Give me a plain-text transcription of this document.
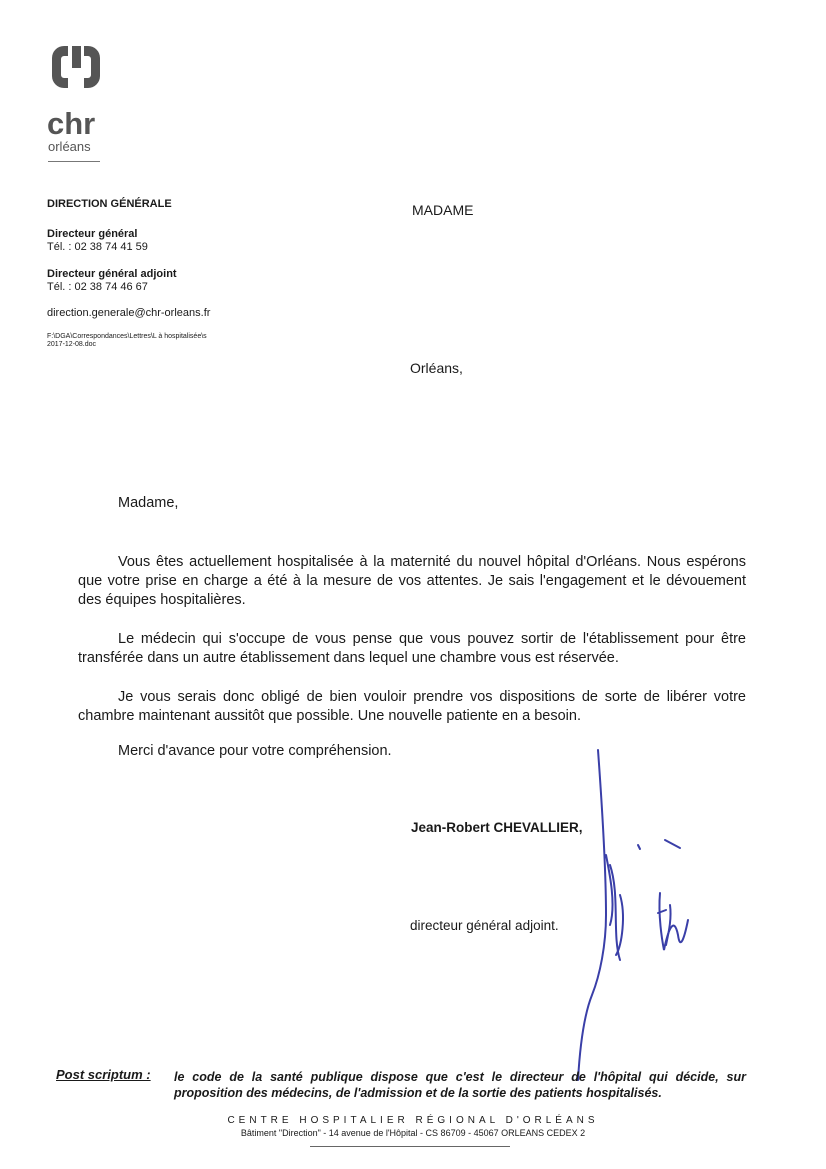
chr
orléans
DIRECTION GÉNÉRALE
Directeur général
Tél. : 02 38 74 41 59
Directeur général adjoint
Tél. : 02 38 74 46 67
direction.generale@chr-orleans.fr
F:\DGA\Correspondances\Lettres\L à hospitalisée\s
2017-12-08.doc
MADAME
Orléans,
Madame,
Vous êtes actuellement hospitalisée à la maternité du nouvel hôpital d'Orléans. Nous espérons que votre prise en charge a été à la mesure de vos attentes. Je sais l'engagement et le dévouement des équipes hospitalières.
Le médecin qui s'occupe de vous pense que vous pouvez sortir de l'établissement pour être transférée dans un autre établissement dans lequel une chambre vous est réservée.
Je vous serais donc obligé de bien vouloir prendre vos dispositions de sorte de libérer votre chambre maintenant aussitôt que possible. Une nouvelle patiente en a besoin.
Merci d'avance pour votre compréhension.
Jean-Robert CHEVALLIER,
directeur général adjoint.
Post scriptum : le code de la santé publique dispose que c'est le directeur de l'hôpital qui décide, sur proposition des médecins, de l'admission et de la sortie des patients hospitalisés.
CENTRE HOSPITALIER RÉGIONAL D'ORLÉANS
Bâtiment "Direction" - 14 avenue de l'Hôpital - CS 86709 - 45067 ORLEANS CEDEX 2
